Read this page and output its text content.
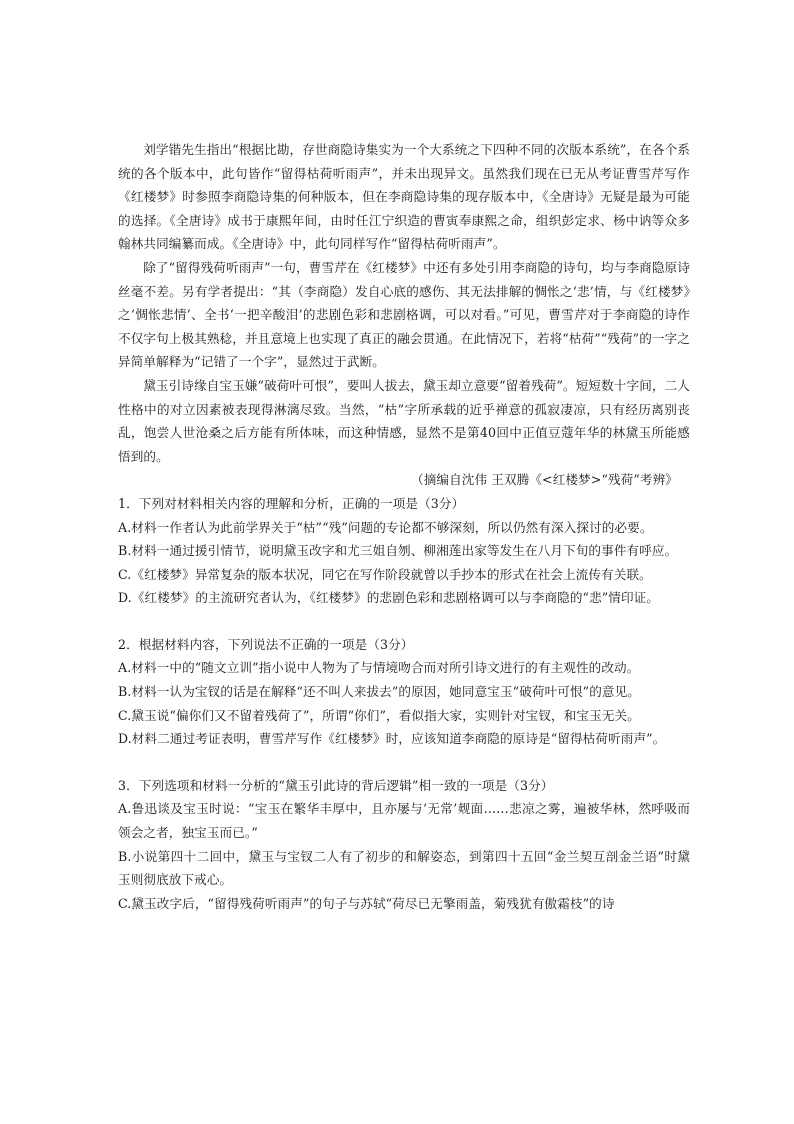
刘学锴先生指出“根据比勘，存世商隐诗集实为一个大系统之下四种不同的次版本系统”，在各个系统的各个版本中，此句皆作“留得枯荷听雨声”，并未出现异文。虽然我们现在已无从考证曹雪芹写作《红楼梦》时参照李商隐诗集的何种版本，但在李商隐诗集的现存版本中，《全唐诗》无疑是最为可能的选择。《全唐诗》成书于康熙年间，由时任江宁织造的曹寅奉康熙之命，组织彭定求、杨中讷等众多翰林共同编纂而成。《全唐诗》中，此句同样写作“留得枯荷听雨声”。

除了“留得残荷听雨声”一句，曹雪芹在《红楼梦》中还有多处引用李商隐的诗句，均与李商隐原诗丝毫不差。另有学者提出：“其（李商隐）发自心底的感伤、其无法排解的惆怅之‘悲’情，与《红楼梦》之‘惆怅悲情’、全书‘一把辛酸泪’的悲剧色彩和悲剧格调，可以对看。”可见，曹雪芹对于李商隐的诗作不仅字句上极其熟稔，并且意境上也实现了真正的融会贯通。在此情况下，若将“枯荷”“残荷”的一字之异简单解释为“记错了一个字”，显然过于武断。

黛玉引诗缘自宝玉嫌“破荷叶可恨”，要叫人拔去，黛玉却立意要“留着残荷”。短短数十字间，二人性格中的对立因素被表现得淋漓尽致。当然，“枯”字所承载的近乎禅意的孤寂凄凉，只有经历离别丧乱，饱尝人世沧桑之后方能有所体味，而这种情感，显然不是第40回中正值豆蔻年华的林黛玉所能感悟到的。

（摘编自沈伟 王双腾《<红楼梦>“残荷”考辨》

1．下列对材料相关内容的理解和分析，正确的一项是（3分）

A.材料一作者认为此前学界关于“枯”“残”问题的专论都不够深刻，所以仍然有深入探讨的必要。

B.材料一通过援引情节，说明黛玉改字和尤三姐自刎、柳湘莲出家等发生在八月下旬的事件有呼应。

C.《红楼梦》异常复杂的版本状况，同它在写作阶段就曾以手抄本的形式在社会上流传有关联。

D.《红楼梦》的主流研究者认为，《红楼梦》的悲剧色彩和悲剧格调可以与李商隐的“悲”情印证。

2．根据材料内容，下列说法不正确的一项是（3分）

A.材料一中的“随文立训”指小说中人物为了与情境吻合而对所引诗文进行的有主观性的改动。

B.材料一认为宝钗的话是在解释“还不叫人来拔去”的原因，她同意宝玉“破荷叶可恨”的意见。

C.黛玉说“偏你们又不留着残荷了”，所谓“你们”，看似指大家，实则针对宝钗，和宝玉无关。

D.材料二通过考证表明，曹雪芹写作《红楼梦》时，应该知道李商隐的原诗是“留得枯荷听雨声”。

3．下列选项和材料一分析的“黛玉引此诗的背后逻辑”相一致的一项是（3分）

A.鲁迅谈及宝玉时说：“宝玉在繁华丰厚中，且亦屡与‘无常’觌面……悲凉之雾，遍被华林，然呼吸而领会之者，独宝玉而已。”

B.小说第四十二回中，黛玉与宝钗二人有了初步的和解姿态，到第四十五回“金兰契互剖金兰语”时黛玉则彻底放下戒心。

C.黛玉改字后，“留得残荷听雨声”的句子与苏轼“荷尽已无擎雨盖，菊残犹有傲霜枝”的诗
